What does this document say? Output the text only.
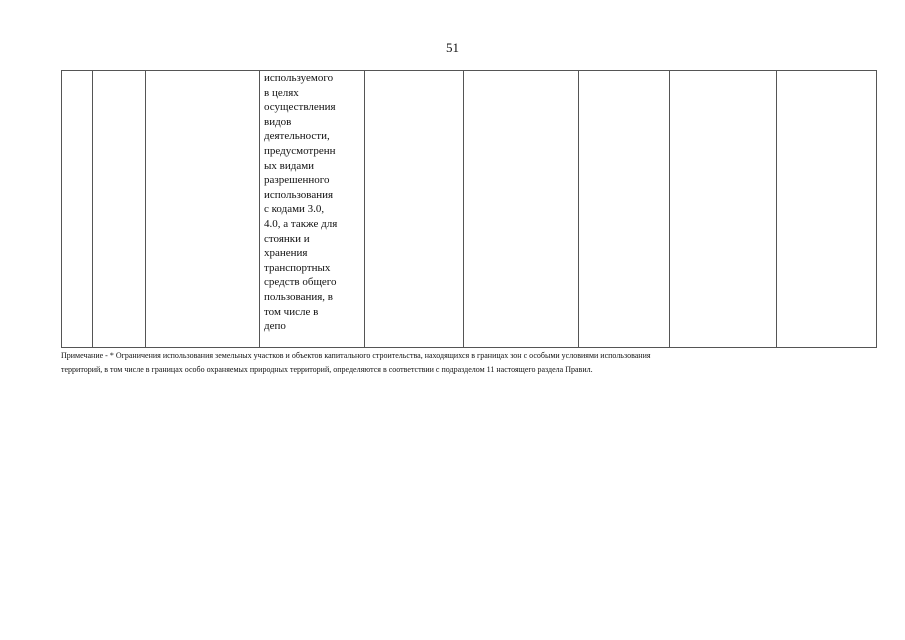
51

используемого
в целях
осуществления
видов
деятельности,
предусмотренн
ых видами
разрешенного
использования
с кодами 3.0,
4.0, а также для
стоянки и
хранения
транспортных
средств общего
пользования, в
том числе в
депо

Примечание - * Ограничения использования земельных участков и объектов капитального строительства, находящихся в границах зон с особыми условиями использования
территорий, в том числе в границах особо охраняемых природных территорий, определяются в соответствии с подразделом 11 настоящего раздела Правил.
